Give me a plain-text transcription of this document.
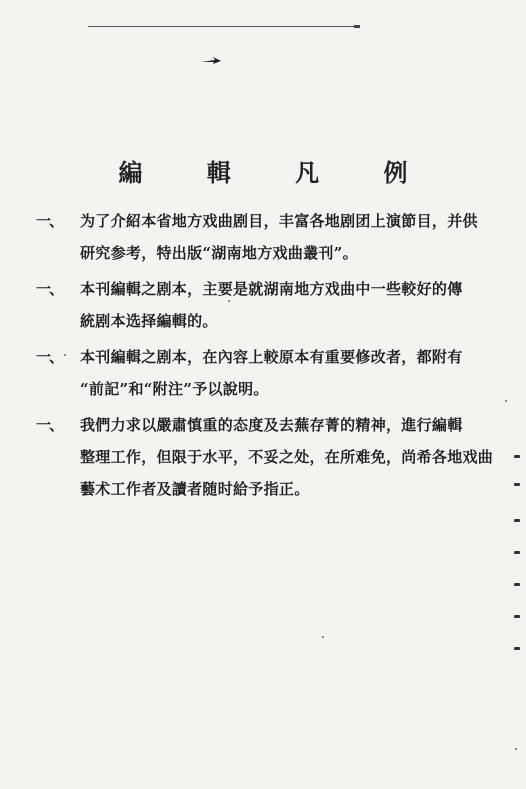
編 輯 凡 例
一、	为了介紹本省地方戏曲剧目，丰富各地剧团上演節目，并供
研究参考，特出版“湖南地方戏曲叢刊”。
一、	本刊編輯之剧本，主要是就湖南地方戏曲中一些較好的傳
統剧本选择編輯的。
一、	本刊編輯之剧本，在內容上較原本有重要修改者，都附有
“前記”和“附注”予以說明。
一、	我們力求以嚴肅慎重的态度及去蕪存菁的精神，進行編輯
整理工作，但限于水平，不妥之处，在所难免，尚希各地戏曲
藝术工作者及讀者随时給予指正。
